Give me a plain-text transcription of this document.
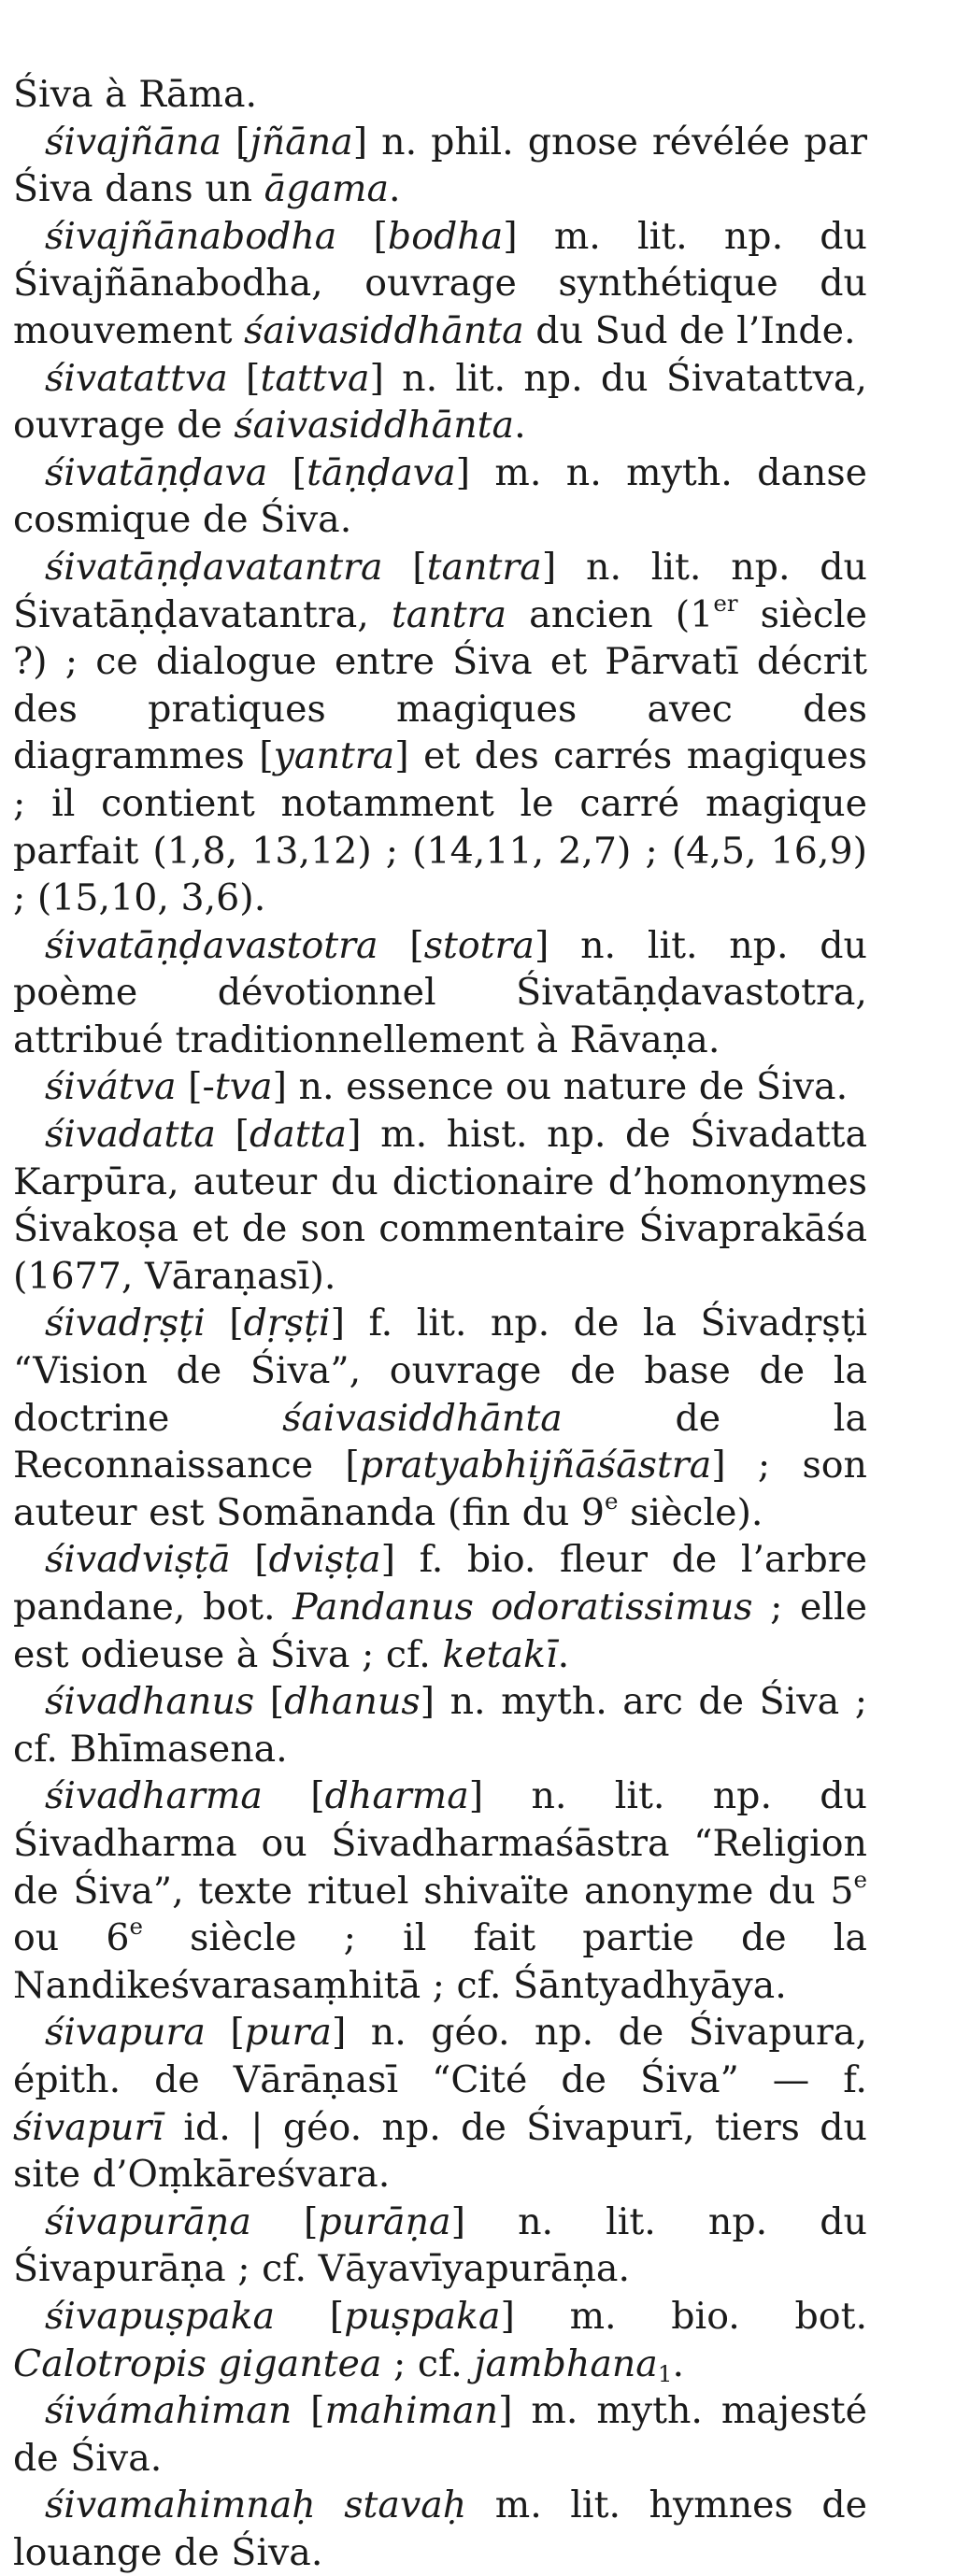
Śiva à Rāma.

śivajñāna [jñāna] n. phil. gnose révélée par Śiva dans un āgama.

śivajñānabodha [bodha] m. lit. np. du Śivajñānabodha, ouvrage synthétique du mouvement śaivasiddhānta du Sud de l’Inde.

śivatattva [tattva] n. lit. np. du Śivatattva, ouvrage de śaivasiddhānta.

śivatāṇḍava [tāṇḍava] m. n. myth. danse cosmique de Śiva.

śivatāṇḍavatantra [tantra] n. lit. np. du Śivatāṇḍavatantra, tantra ancien (1er siècle ?) ; ce dialogue entre Śiva et Pārvatī décrit des pratiques magiques avec des diagrammes [yantra] et des carrés magiques ; il contient notamment le carré magique parfait (1,8, 13,12) ; (14,11, 2,7) ; (4,5, 16,9) ; (15,10, 3,6).

śivatāṇḍavastotra [stotra] n. lit. np. du poème dévotionnel Śivatāṇḍavastotra, attribué traditionnellement à Rāvaṇa.

śivátva [-tva] n. essence ou nature de Śiva.

śivadatta [datta] m. hist. np. de Śivadatta Karpūra, auteur du dictionaire d’homonymes Śivakoṣa et de son commentaire Śivaprakāśa (1677, Vāraṇasī).

śivadṛṣṭi [dṛṣṭi] f. lit. np. de la Śivadṛṣṭi “Vision de Śiva”, ouvrage de base de la doctrine śaivasiddhānta de la Reconnaissance [pratyabhijñāśāstra] ; son auteur est Somānanda (fin du 9e siècle).

śivadviṣṭā [dviṣṭa] f. bio. fleur de l’arbre pandane, bot. Pandanus odoratissimus ; elle est odieuse à Śiva ; cf. ketakī.

śivadhanus [dhanus] n. myth. arc de Śiva ; cf. Bhīmasena.

śivadharma [dharma] n. lit. np. du Śivadharma ou Śivadharmaśāstra “Religion de Śiva”, texte rituel shivaïte anonyme du 5e ou 6e siècle ; il fait partie de la Nandikeśvarasaṃhitā ; cf. Śāntyadhyāya.

śivapura [pura] n. géo. np. de Śivapura, épith. de Vārāṇasī “Cité de Śiva” — f. śivapurī id. | géo. np. de Śivapurī, tiers du site d’Oṃkāreśvara.

śivapurāṇa [purāṇa] n. lit. np. du Śivapurāṇa ; cf. Vāyavīyapurāṇa.

śivapuṣpaka [puṣpaka] m. bio. bot. Calotropis gigantea ; cf. jambhana$_1$.

śivámahiman [mahiman] m. myth. majesté de Śiva.

śivamahimnaḥ stavaḥ m. lit. hymnes de louange de Śiva.
